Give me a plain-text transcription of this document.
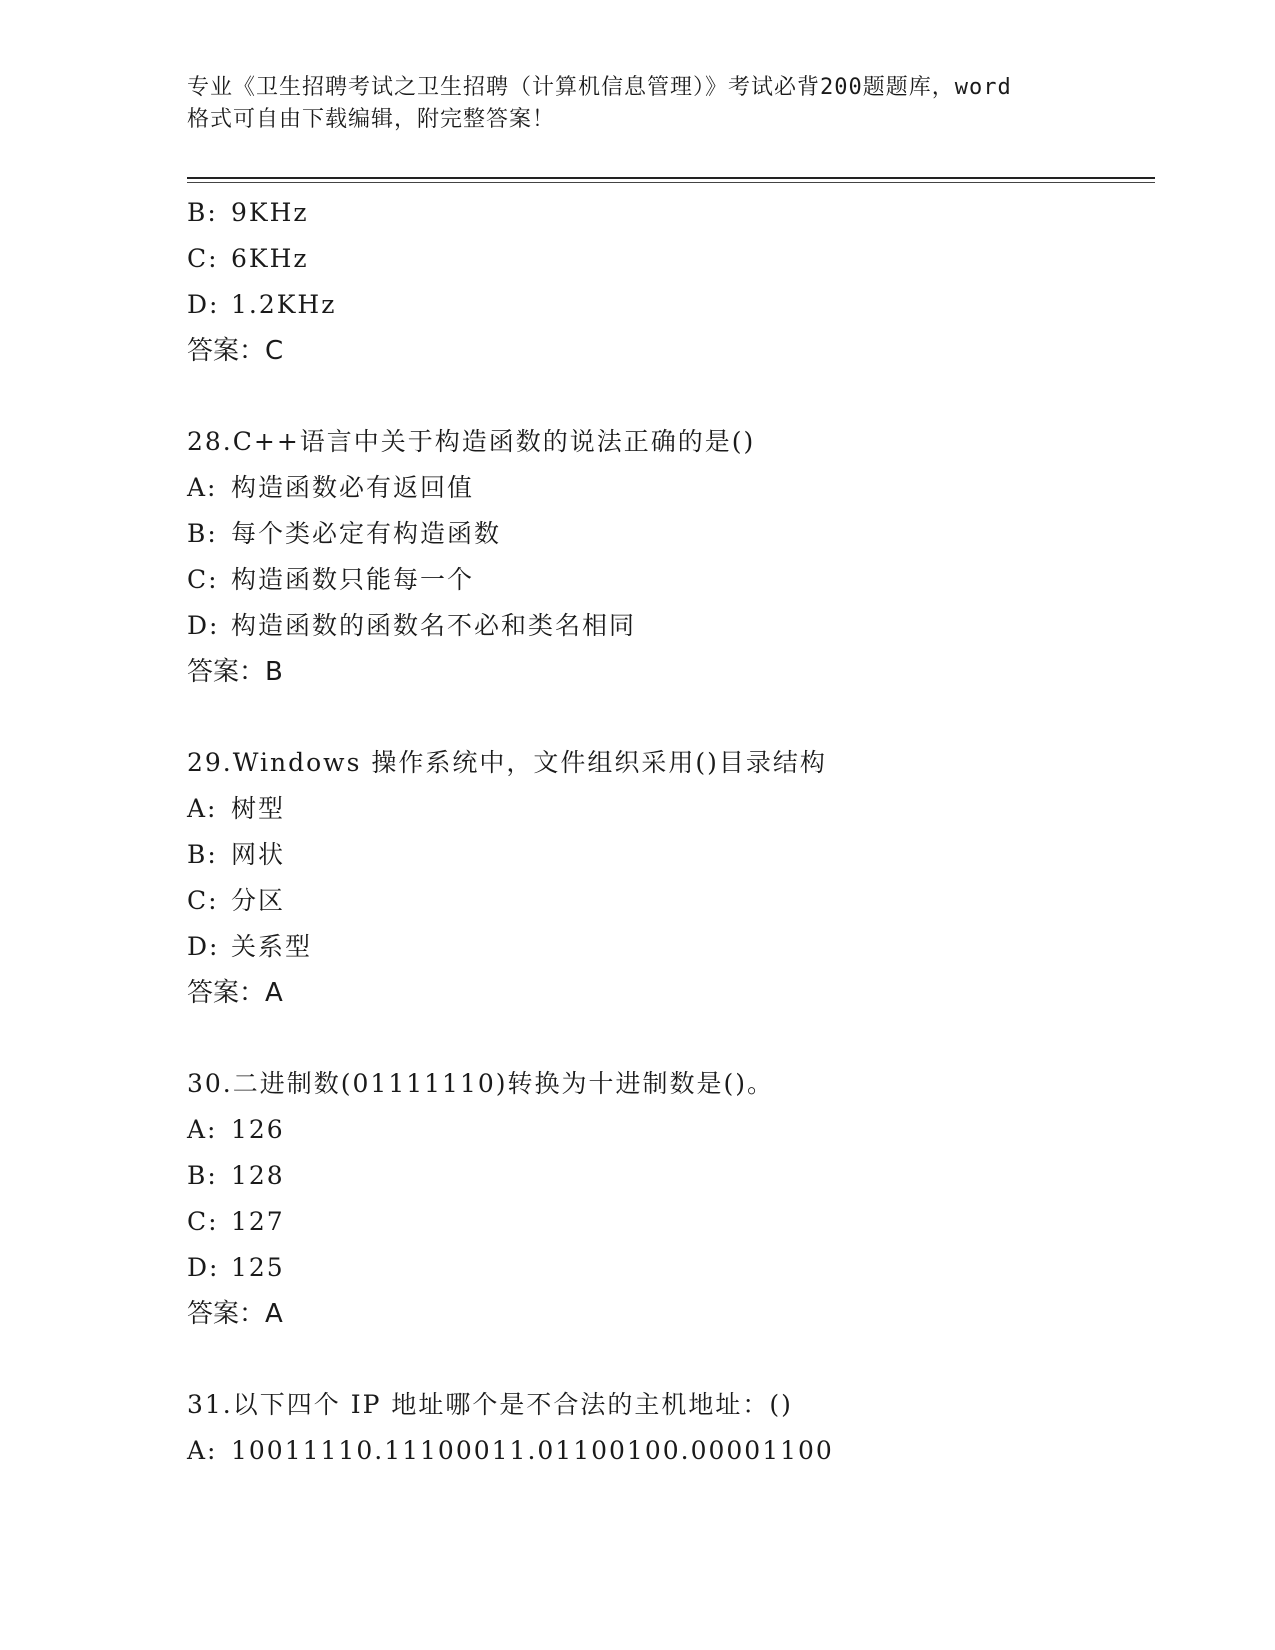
专业《卫生招聘考试之卫生招聘（计算机信息管理）》考试必背200题题库，word
格式可自由下载编辑，附完整答案！
B: 9KHz
C: 6KHz
D: 1.2KHz
答案：C
28.C++语言中关于构造函数的说法正确的是()
A: 构造函数必有返回值
B: 每个类必定有构造函数
C: 构造函数只能每一个
D: 构造函数的函数名不必和类名相同
答案：B
29.Windows 操作系统中，文件组织采用()目录结构
A: 树型
B: 网状
C: 分区
D: 关系型
答案：A
30.二进制数(01111110)转换为十进制数是()。
A: 126
B: 128
C: 127
D: 125
答案：A
31.以下四个 IP 地址哪个是不合法的主机地址：()
A: 10011110.11100011.01100100.00001100
